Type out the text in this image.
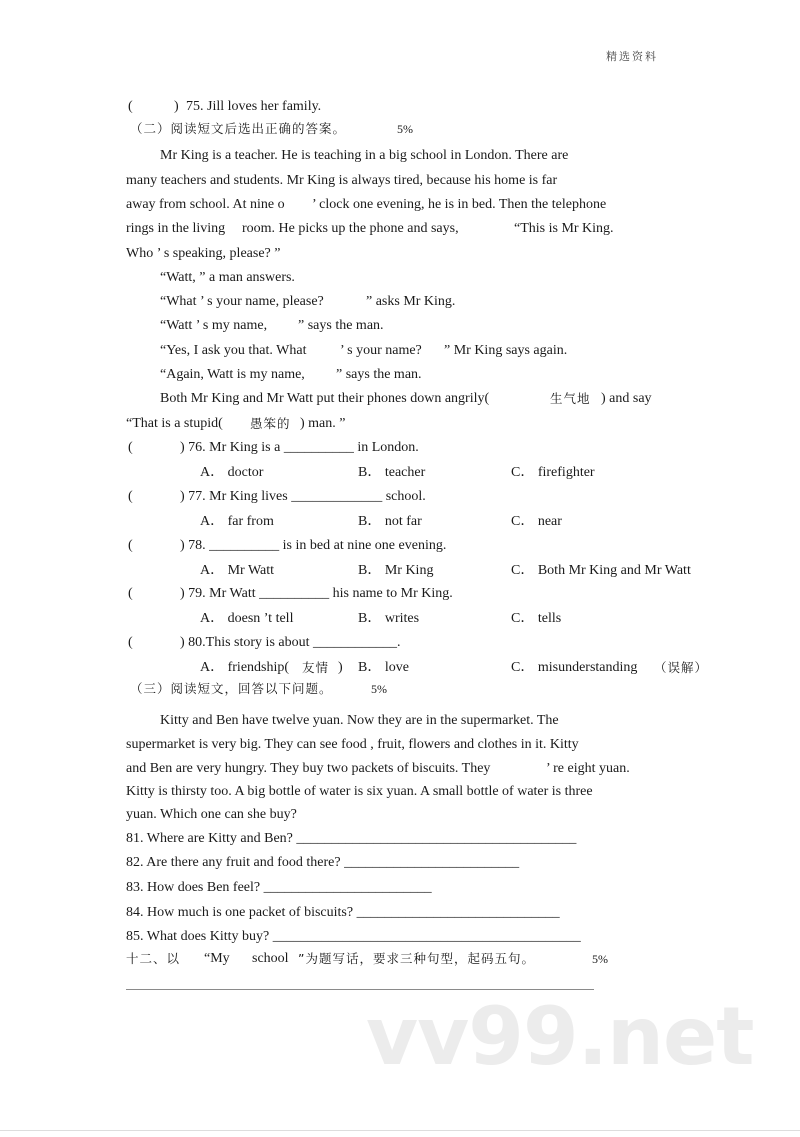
精选资料
(	) 75. Jill loves her family.
（二）阅读短文后选出正确的答案。	5%
Mr King is a teacher. He is teaching in a big school in London. There are
many teachers and students. Mr King is always tired, because his home is far
away from school. At nine o ’ clock one evening, he is in bed. Then the telephone
rings in the living room. He picks up the phone and says,	“This is Mr King.
Who ’ s speaking, please? ”
“Watt, ” a man answers.
“What ’ s your name, please?	” asks Mr King.
“Watt ’ s my name, ” says the man.
“Yes, I ask you that. What ’ s your name? ” Mr King says again.
“Again, Watt is my name, ” says the man.
Both Mr King and Mr Watt put their phones down angrily(	生气地 ) and say
“That is a stupid( 愚笨的 ) man. ”
(	) 76. Mr King is a __________ in London.
A． doctor	B． teacher	C． firefighter
(	) 77. Mr King lives _____________ school.
A． far from	B． not far	C． near
(	) 78. __________ is in bed at nine one evening.
A． Mr Watt	B． Mr King	C． Both Mr King and Mr Watt
(	) 79. Mr Watt __________ his name to Mr King.
A． doesn ’t tell	B． writes	C． tells
(	) 80.This story is about ____________.
A． friendship( 友情 ) B． love	C． misunderstanding （误解）
（三）阅读短文，回答以下问题。	5%
Kitty and Ben have twelve yuan. Now they are in the supermarket. The
supermarket is very big. They can see food , fruit, flowers and clothes in it. Kitty
and Ben are very hungry. They buy two packets of biscuits. They	’ re eight yuan.
Kitty is thirsty too. A big bottle of water is six yuan. A small bottle of water is three
yuan. Which one can she buy?
81. Where are Kitty and Ben? ________________________________________
82. Are there any fruit and food there? _________________________
83. How does Ben feel? ________________________
84. How much is one packet of biscuits? _____________________________
85. What does Kitty buy? ____________________________________________
十二、以 “My school ”为题写话，要求三种句型，起码五句。	5%
vv99.net
